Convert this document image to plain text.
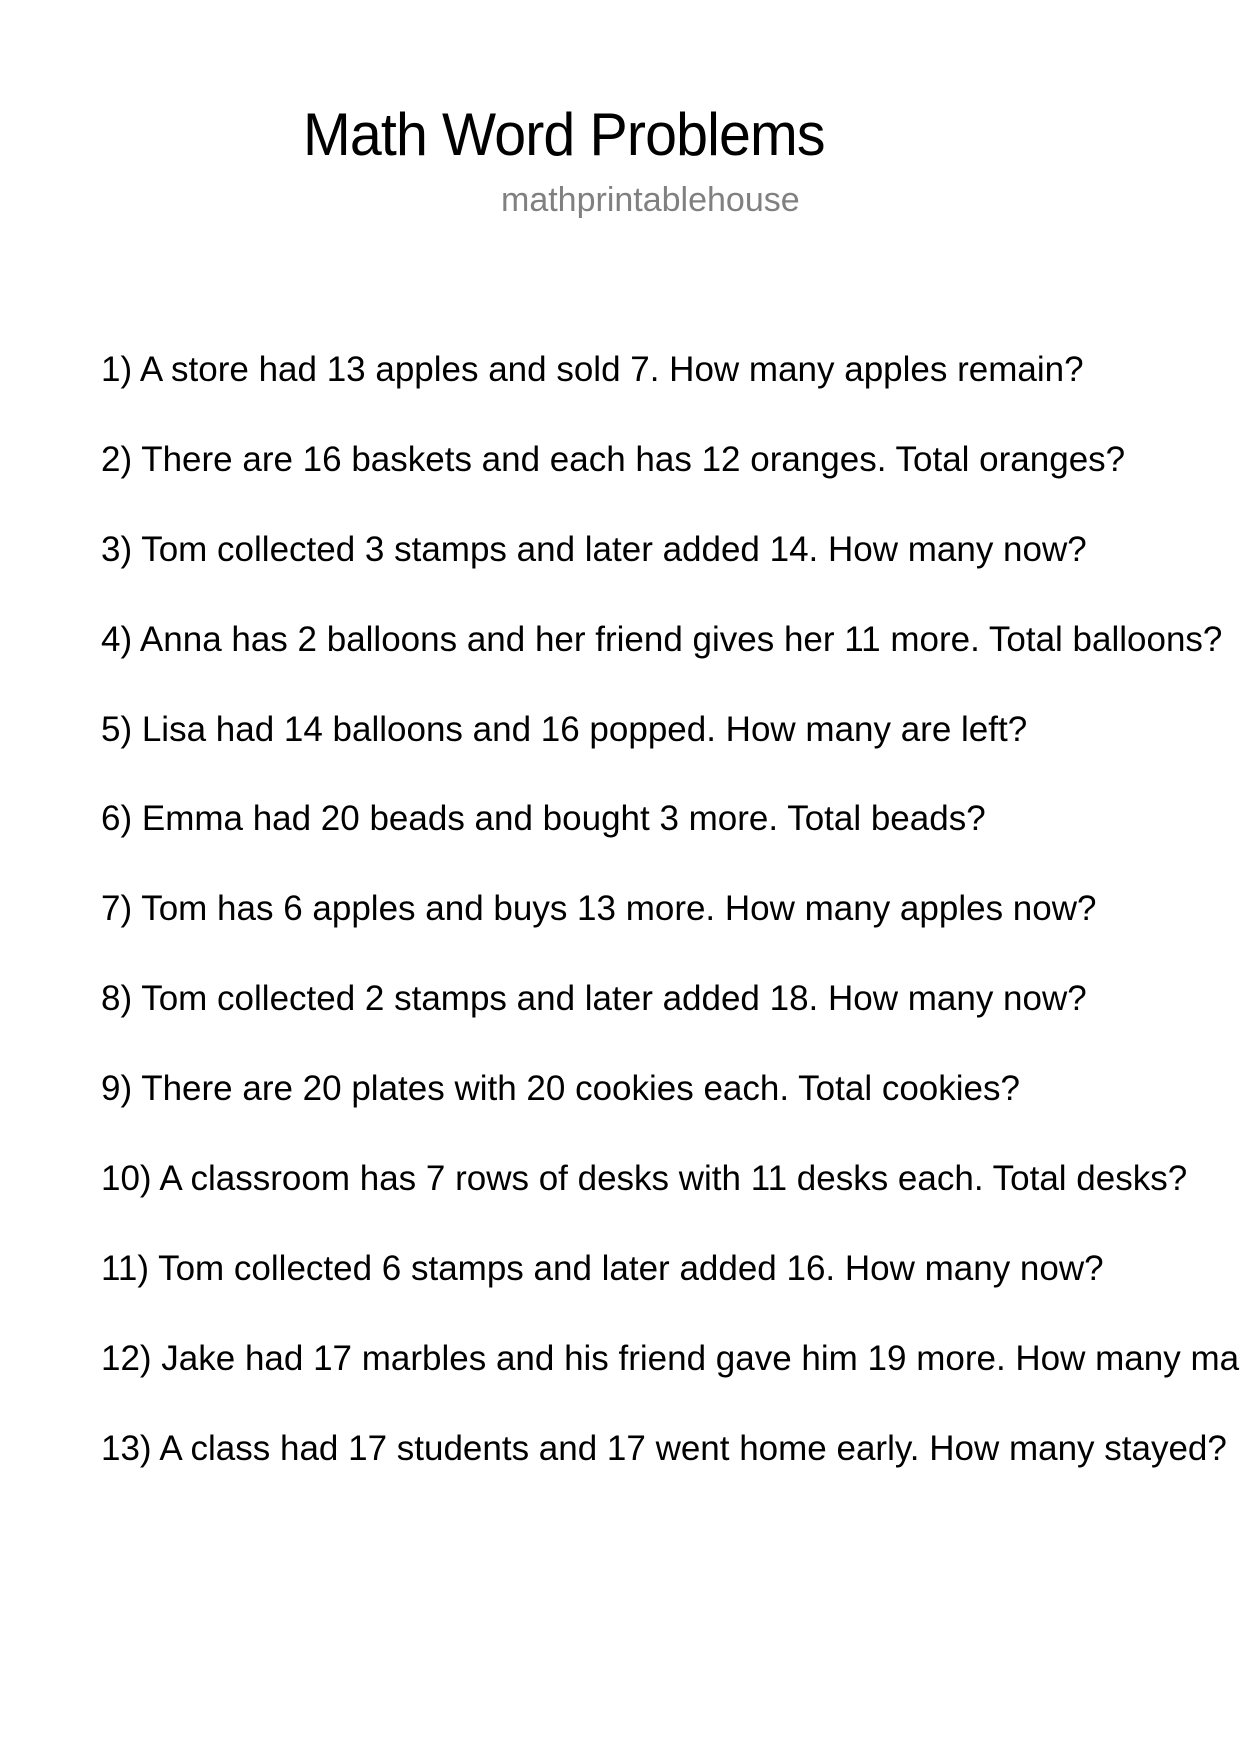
Math Word Problems
mathprintablehouse
1) A store had 13 apples and sold 7. How many apples remain?
2) There are 16 baskets and each has 12 oranges. Total oranges?
3) Tom collected 3 stamps and later added 14. How many now?
4) Anna has 2 balloons and her friend gives her 11 more. Total balloons?
5) Lisa had 14 balloons and 16 popped. How many are left?
6) Emma had 20 beads and bought 3 more. Total beads?
7) Tom has 6 apples and buys 13 more. How many apples now?
8) Tom collected 2 stamps and later added 18. How many now?
9) There are 20 plates with 20 cookies each. Total cookies?
10) A classroom has 7 rows of desks with 11 desks each. Total desks?
11) Tom collected 6 stamps and later added 16. How many now?
12) Jake had 17 marbles and his friend gave him 19 more. How many ma
13) A class had 17 students and 17 went home early. How many stayed?
